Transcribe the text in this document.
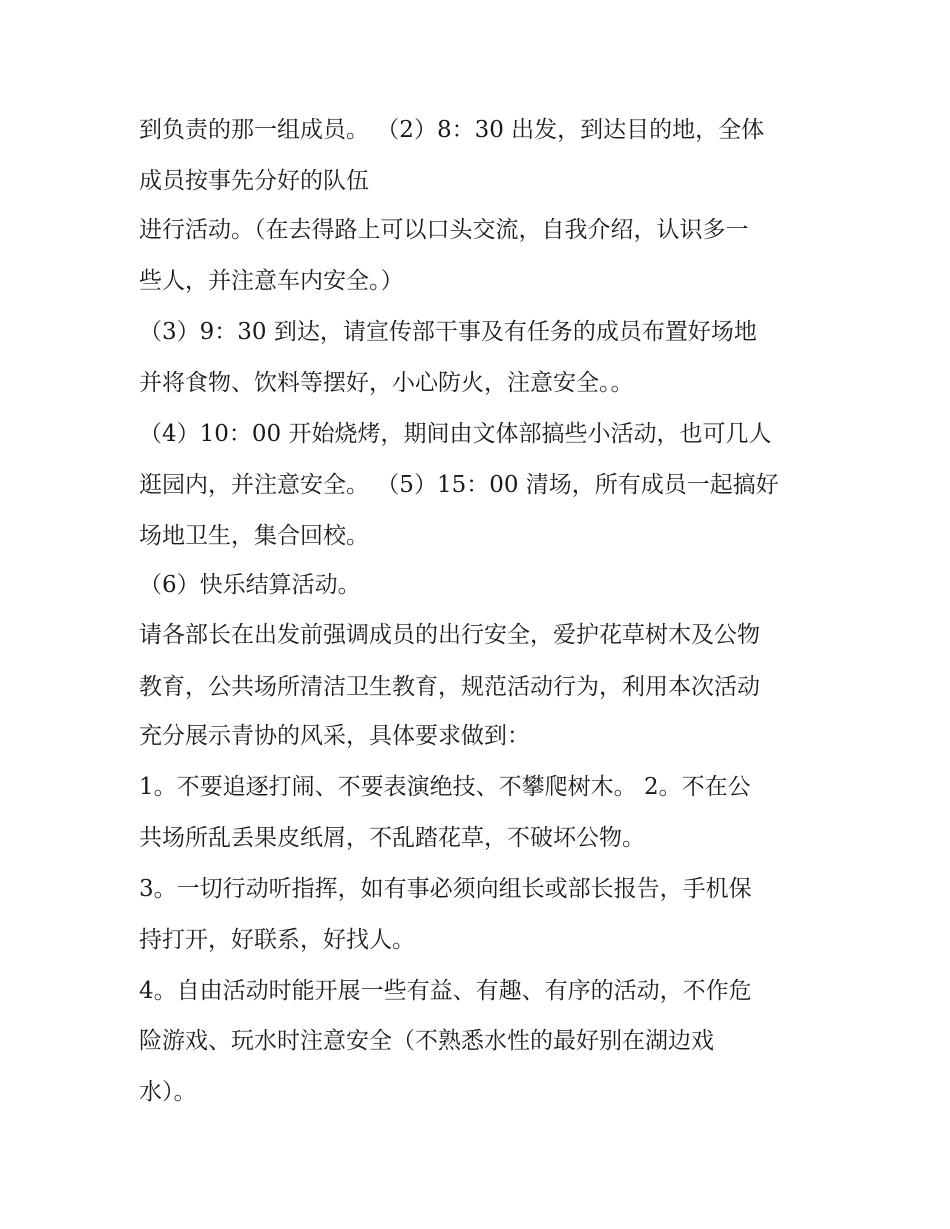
到负责的那一组成员。 （2）8：30 出发，到达目的地，全体

成员按事先分好的队伍

进行活动。（在去得路上可以口头交流，自我介绍，认识多一

些人，并注意车内安全。）

（3）9：30 到达，请宣传部干事及有任务的成员布置好场地

并将食物、饮料等摆好，小心防火，注意安全。。

（4）10：00 开始烧烤，期间由文体部搞些小活动，也可几人

逛园内，并注意安全。 （5）15：00 清场，所有成员一起搞好

场地卫生，集合回校。

（6）快乐结算活动。

请各部长在出发前强调成员的出行安全，爱护花草树木及公物

教育，公共场所清洁卫生教育，规范活动行为，利用本次活动

充分展示青协的风采，具体要求做到：

1。不要追逐打闹、不要表演绝技、不攀爬树木。 2。不在公

共场所乱丢果皮纸屑，不乱踏花草，不破坏公物。

3。一切行动听指挥，如有事必须向组长或部长报告，手机保

持打开，好联系，好找人。

4。自由活动时能开展一些有益、有趣、有序的活动，不作危

险游戏、玩水时注意安全（不熟悉水性的最好别在湖边戏

水）。
